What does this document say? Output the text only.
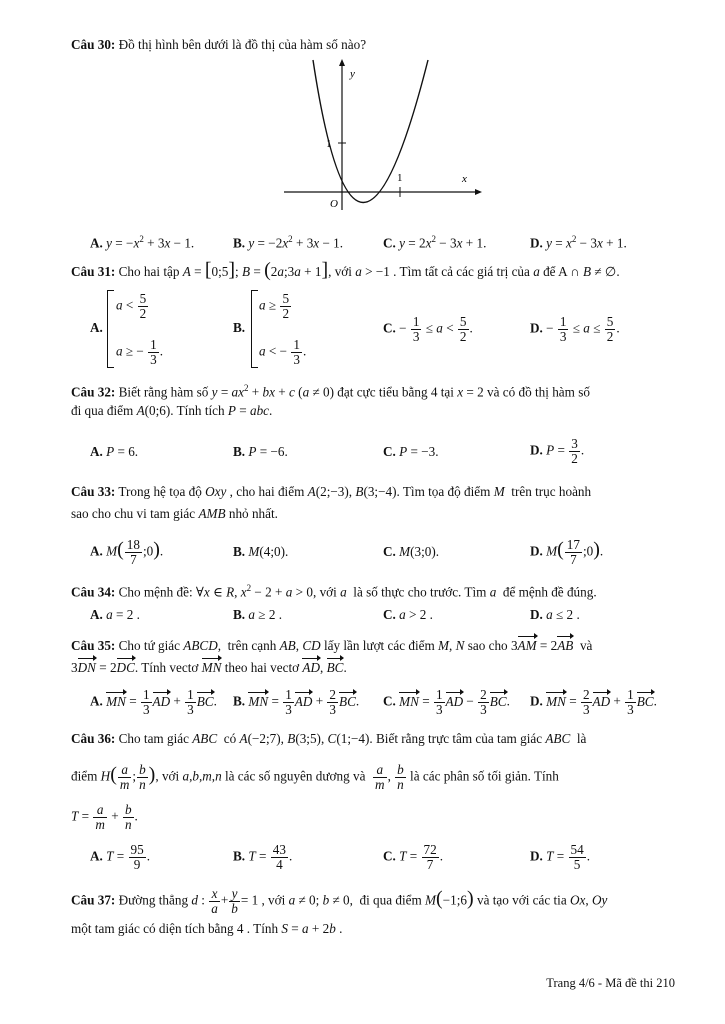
Câu 30: Đồ thị hình bên dưới là đồ thị của hàm số nào?
y
x
O
1
1
A. $y = -x^2 + 3x - 1$.	B. $y = -2x^2 + 3x - 1$.	C. $y = 2x^2 - 3x + 1$.	D. $y = x^2 - 3x + 1$.
Câu 31: Cho hai tập A = [0;5]; B = (2a;3a + 1], với a > −1 . Tìm tất cả các giá trị của a để A ∩ B ≠ ∅.
A.
$a < \frac{5}{2}$
a ≥ − $\frac{1}{3}$ .
B.
$a \ge \frac{5}{2}$
a < − $\frac{1}{3}$ .
C. − $\frac{1}{3} \le a < \frac{5}{2}$ .	D. − $\frac{1}{3} \le a \le \frac{5}{2}$ .
Câu 32: Biết rằng hàm số $y = ax^2$ + bx + c (a ≠ 0) đạt cực tiểu bằng 4 tại x = 2 và có đồ thị hàm số
đi qua điểm A(0;6). Tính tích P = abc.
A. P = 6.	B. P = −6.	C. P = −3.	D. $P = \frac{3}{2}$ .
Câu 33: Trong hệ tọa độ Oxy , cho hai điểm A(2;−3), B(3;−4). Tìm tọa độ điểm M  trên trục hoành
sao cho chu vi tam giác AMB nhỏ nhất.
A. $M( \frac{18}{7}$ ;0).	B. M(4;0).	C. M(3;0).	D. $M( \frac{17}{7}$ ;0).
Câu 34: Cho mệnh đề: ∀x ∈ R, $x^2 - 2 + a > 0$, với a  là số thực cho trước. Tìm a  để mệnh đề đúng.
A. a = 2 .	B. a ≥ 2 .	C. a > 2 .	D. a ≤ 2 .
Câu 35: Cho tứ giác ABCD,  trên cạnh AB, CD lấy lần lượt các điểm M, N sao cho 3AM = 2AB  và
3DN = 2DC. Tính vectơ MN theo hai vectơ AD, BC.
A. MN = $\frac{1}{3}$ AD + $\frac{1}{3}$ BC. B. MN = $\frac{1}{3}$ AD + $\frac{2}{3}$ BC. C. MN = $\frac{1}{3}$ AD − $\frac{2}{3}$ BC. D. MN = $\frac{2}{3}$ AD + $\frac{1}{3}$ BC.
Câu 36: Cho tam giác ABC  có A(−2;7), B(3;5), C(1;−4). Biết rằng trực tâm của tam giác ABC  là
điểm $H( \frac{a}{m}$ ; $\frac{b}{n}$ ), với a,b,m,n là các số nguyên dương và $\frac{a}{m}$ , $\frac{b}{n}$ là các phân số tối giản. Tính
$T = \frac{a}{m} + \frac{b}{n}$ .
A. $T = \frac{95}{9}$ .	B. $T = \frac{43}{4}$ .	C. $T = \frac{72}{7}$ .	D. $T = \frac{54}{5}$ .
Câu 37: Đường thẳng d : $\frac{x}{a} + \frac{y}{b} = 1$ , với a ≠ 0; b ≠ 0,  đi qua điểm M(−1;6) và tạo với các tia Ox, Oy
một tam giác có diện tích bằng 4 . Tính S = a + 2b .
Trang 4/6 - Mã đề thi 210
